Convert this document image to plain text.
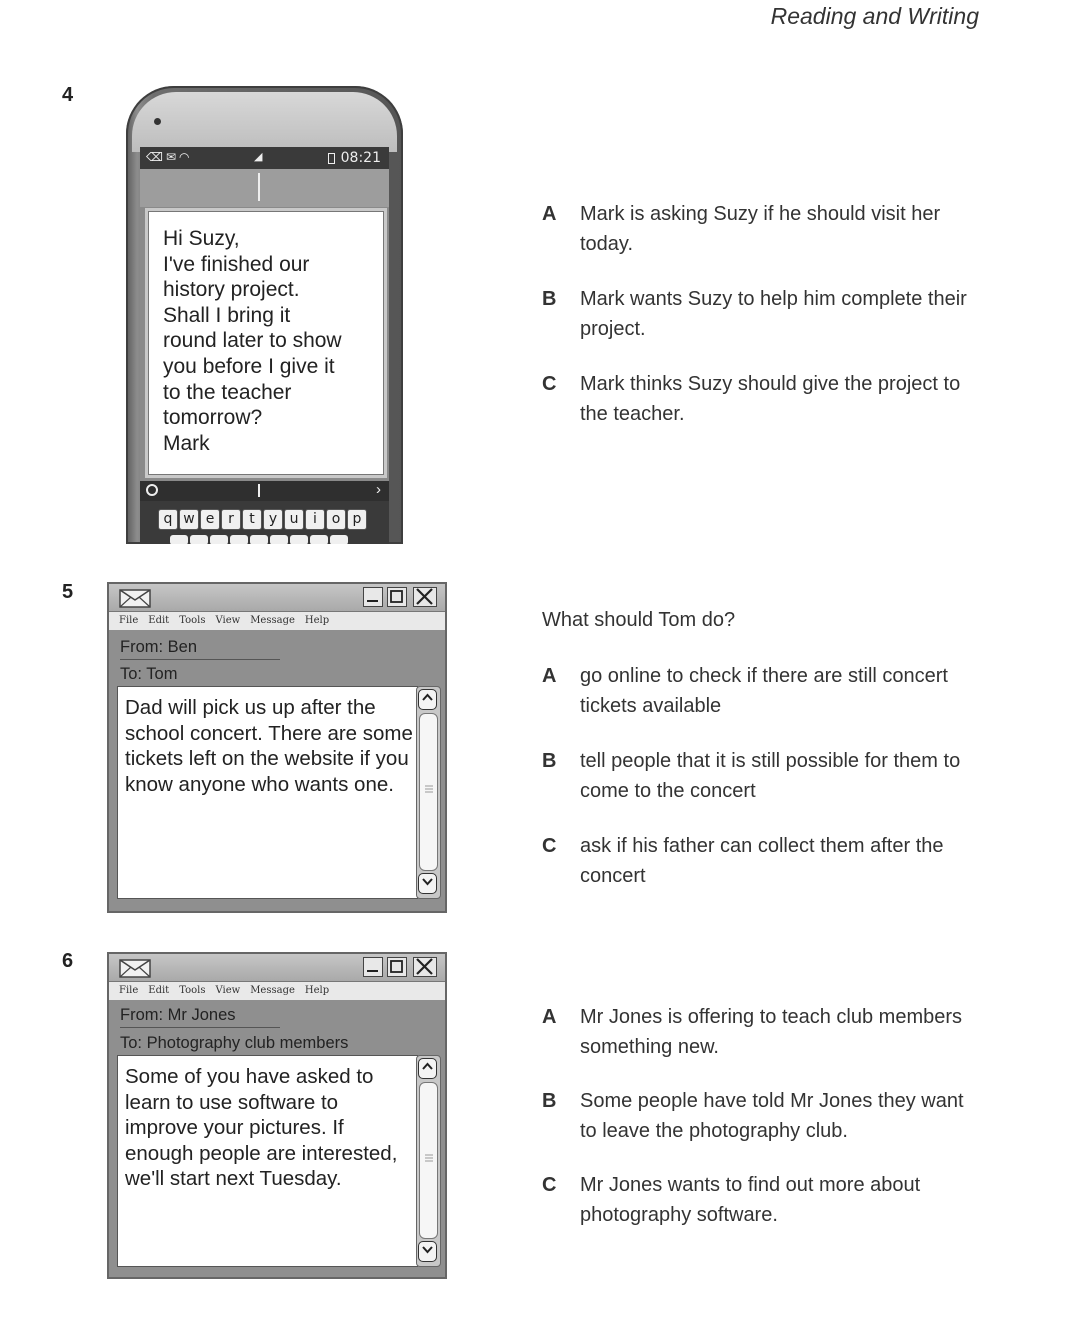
Reading and Writing
4
⌫✉◠	◢	08:21
Hi Suzy,
I've finished our
history project.
Shall I bring it
round later to show
you before I give it
to the teacher
tomorrow?
Mark
›
q w e r	t	y u	i	o p
A Mark is asking Suzy if he should visit her today.
B Mark wants Suzy to help him complete their project.
C Mark thinks Suzy should give the project to the teacher.
5
File Edit Tools View Message Help
From: Ben
To: Tom
Dad will pick us up after the school concert. There are some tickets left on the website if you know anyone who wants one.
What should Tom do?
A go online to check if there are still concert tickets available
B tell people that it is still possible for them to come to the concert
C ask if his father can collect them after the concert
6
File Edit Tools View Message Help
From: Mr Jones
To: Photography club members
Some of you have asked to learn to use software to improve your pictures. If enough people are interested, we'll start next Tuesday.
A Mr Jones is offering to teach club members something new.
B Some people have told Mr Jones they want to leave the photography club.
C Mr Jones wants to find out more about photography software.
